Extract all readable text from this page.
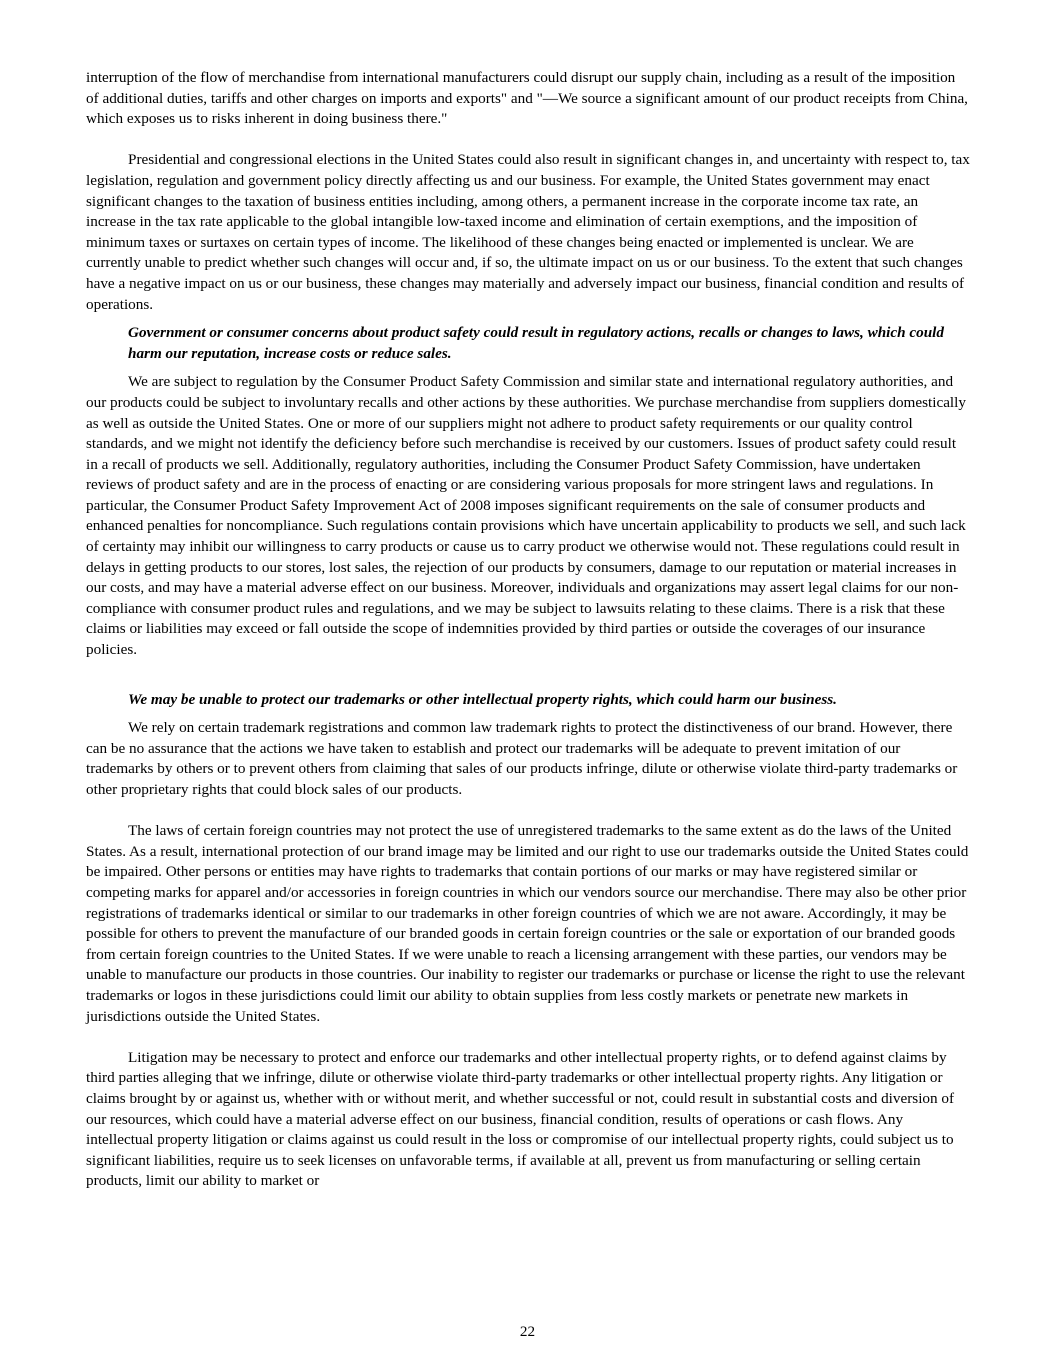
interruption of the flow of merchandise from international manufacturers could disrupt our supply chain, including as a result of the imposition of additional duties, tariffs and other charges on imports and exports" and "—We source a significant amount of our product receipts from China, which exposes us to risks inherent in doing business there."

Presidential and congressional elections in the United States could also result in significant changes in, and uncertainty with respect to, tax legislation, regulation and government policy directly affecting us and our business. For example, the United States government may enact significant changes to the taxation of business entities including, among others, a permanent increase in the corporate income tax rate, an increase in the tax rate applicable to the global intangible low-taxed income and elimination of certain exemptions, and the imposition of minimum taxes or surtaxes on certain types of income. The likelihood of these changes being enacted or implemented is unclear. We are currently unable to predict whether such changes will occur and, if so, the ultimate impact on us or our business. To the extent that such changes have a negative impact on us or our business, these changes may materially and adversely impact our business, financial condition and results of operations.

Government or consumer concerns about product safety could result in regulatory actions, recalls or changes to laws, which could harm our reputation, increase costs or reduce sales.

We are subject to regulation by the Consumer Product Safety Commission and similar state and international regulatory authorities, and our products could be subject to involuntary recalls and other actions by these authorities. We purchase merchandise from suppliers domestically as well as outside the United States. One or more of our suppliers might not adhere to product safety requirements or our quality control standards, and we might not identify the deficiency before such merchandise is received by our customers. Issues of product safety could result in a recall of products we sell. Additionally, regulatory authorities, including the Consumer Product Safety Commission, have undertaken reviews of product safety and are in the process of enacting or are considering various proposals for more stringent laws and regulations. In particular, the Consumer Product Safety Improvement Act of 2008 imposes significant requirements on the sale of consumer products and enhanced penalties for noncompliance. Such regulations contain provisions which have uncertain applicability to products we sell, and such lack of certainty may inhibit our willingness to carry products or cause us to carry product we otherwise would not. These regulations could result in delays in getting products to our stores, lost sales, the rejection of our products by consumers, damage to our reputation or material increases in our costs, and may have a material adverse effect on our business. Moreover, individuals and organizations may assert legal claims for our non-compliance with consumer product rules and regulations, and we may be subject to lawsuits relating to these claims. There is a risk that these claims or liabilities may exceed or fall outside the scope of indemnities provided by third parties or outside the coverages of our insurance policies.

We may be unable to protect our trademarks or other intellectual property rights, which could harm our business.

We rely on certain trademark registrations and common law trademark rights to protect the distinctiveness of our brand. However, there can be no assurance that the actions we have taken to establish and protect our trademarks will be adequate to prevent imitation of our trademarks by others or to prevent others from claiming that sales of our products infringe, dilute or otherwise violate third-party trademarks or other proprietary rights that could block sales of our products.

The laws of certain foreign countries may not protect the use of unregistered trademarks to the same extent as do the laws of the United States. As a result, international protection of our brand image may be limited and our right to use our trademarks outside the United States could be impaired. Other persons or entities may have rights to trademarks that contain portions of our marks or may have registered similar or competing marks for apparel and/or accessories in foreign countries in which our vendors source our merchandise. There may also be other prior registrations of trademarks identical or similar to our trademarks in other foreign countries of which we are not aware. Accordingly, it may be possible for others to prevent the manufacture of our branded goods in certain foreign countries or the sale or exportation of our branded goods from certain foreign countries to the United States. If we were unable to reach a licensing arrangement with these parties, our vendors may be unable to manufacture our products in those countries. Our inability to register our trademarks or purchase or license the right to use the relevant trademarks or logos in these jurisdictions could limit our ability to obtain supplies from less costly markets or penetrate new markets in jurisdictions outside the United States.

Litigation may be necessary to protect and enforce our trademarks and other intellectual property rights, or to defend against claims by third parties alleging that we infringe, dilute or otherwise violate third-party trademarks or other intellectual property rights. Any litigation or claims brought by or against us, whether with or without merit, and whether successful or not, could result in substantial costs and diversion of our resources, which could have a material adverse effect on our business, financial condition, results of operations or cash flows. Any intellectual property litigation or claims against us could result in the loss or compromise of our intellectual property rights, could subject us to significant liabilities, require us to seek licenses on unfavorable terms, if available at all, prevent us from manufacturing or selling certain products, limit our ability to market or

22
